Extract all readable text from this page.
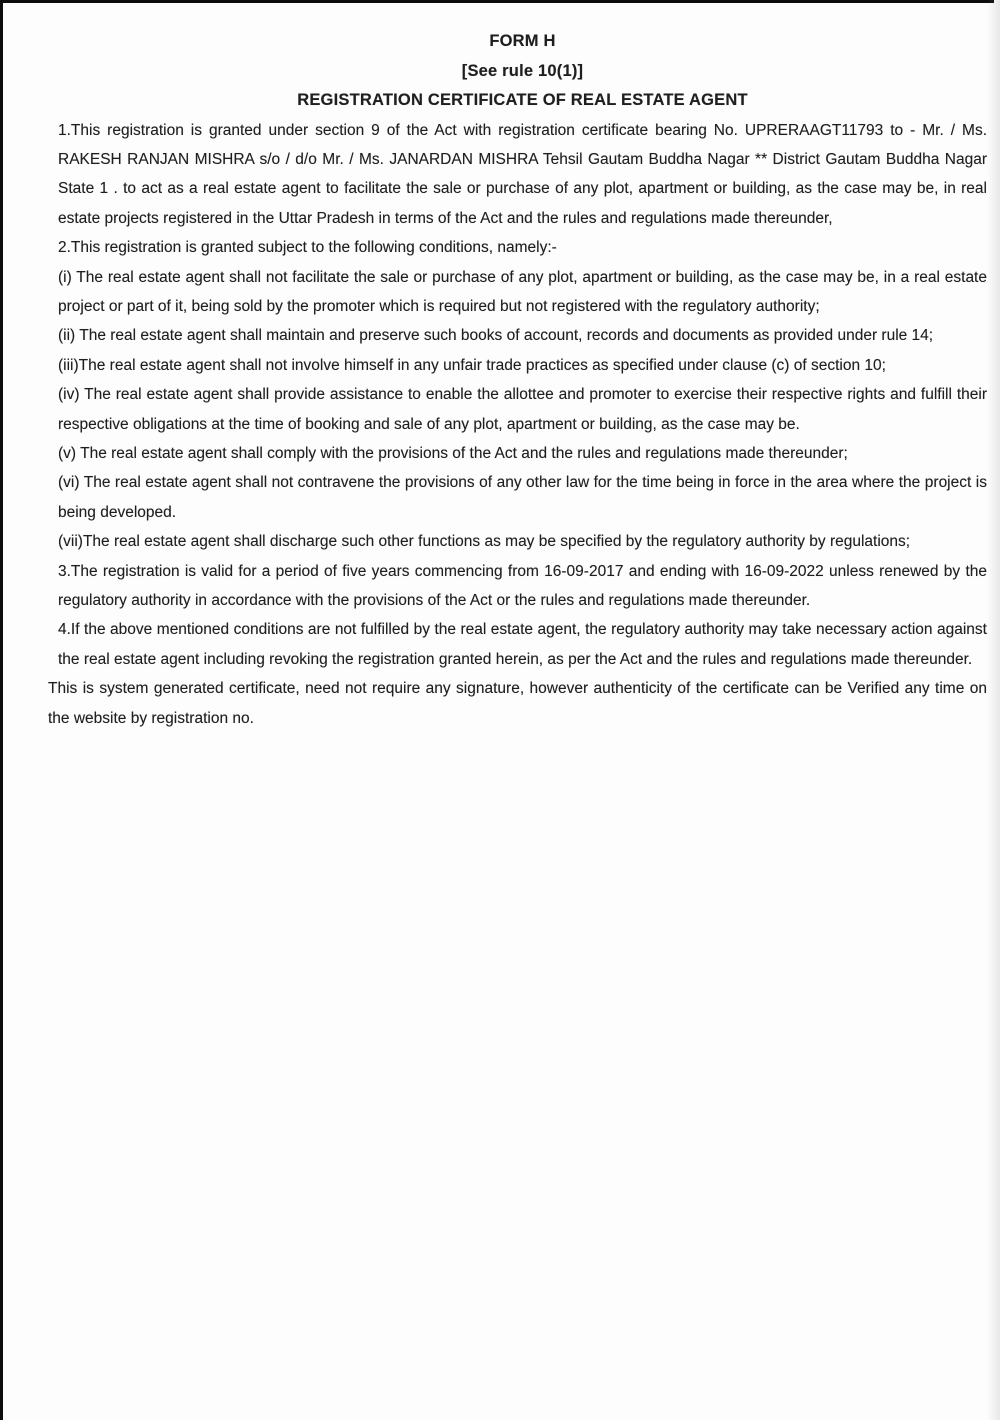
FORM H
[See rule 10(1)]
REGISTRATION CERTIFICATE OF REAL ESTATE AGENT

1.This registration is granted under section 9 of the Act with registration certificate bearing No. UPRERAAGT11793 to - Mr. / Ms. RAKESH RANJAN MISHRA s/o / d/o Mr. / Ms. JANARDAN MISHRA Tehsil Gautam Buddha Nagar ** District Gautam Buddha Nagar State 1 . to act as a real estate agent to facilitate the sale or purchase of any plot, apartment or building, as the case may be, in real estate projects registered in the Uttar Pradesh in terms of the Act and the rules and regulations made thereunder,

2.This registration is granted subject to the following conditions, namely:-

(i) The real estate agent shall not facilitate the sale or purchase of any plot, apartment or building, as the case may be, in a real estate project or part of it, being sold by the promoter which is required but not registered with the regulatory authority;

(ii) The real estate agent shall maintain and preserve such books of account, records and documents as provided under rule 14;

(iii)The real estate agent shall not involve himself in any unfair trade practices as specified under clause (c) of section 10;

(iv) The real estate agent shall provide assistance to enable the allottee and promoter to exercise their respective rights and fulfill their respective obligations at the time of booking and sale of any plot, apartment or building, as the case may be.

(v) The real estate agent shall comply with the provisions of the Act and the rules and regulations made thereunder;

(vi) The real estate agent shall not contravene the provisions of any other law for the time being in force in the area where the project is being developed.

(vii)The real estate agent shall discharge such other functions as may be specified by the regulatory authority by regulations;

3.The registration is valid for a period of five years commencing from 16-09-2017 and ending with 16-09-2022 unless renewed by the regulatory authority in accordance with the provisions of the Act or the rules and regulations made thereunder.

4.If the above mentioned conditions are not fulfilled by the real estate agent, the regulatory authority may take necessary action against the real estate agent including revoking the registration granted herein, as per the Act and the rules and regulations made thereunder.

This is system generated certificate, need not require any signature, however authenticity of the certificate can be Verified any time on the website by registration no.
